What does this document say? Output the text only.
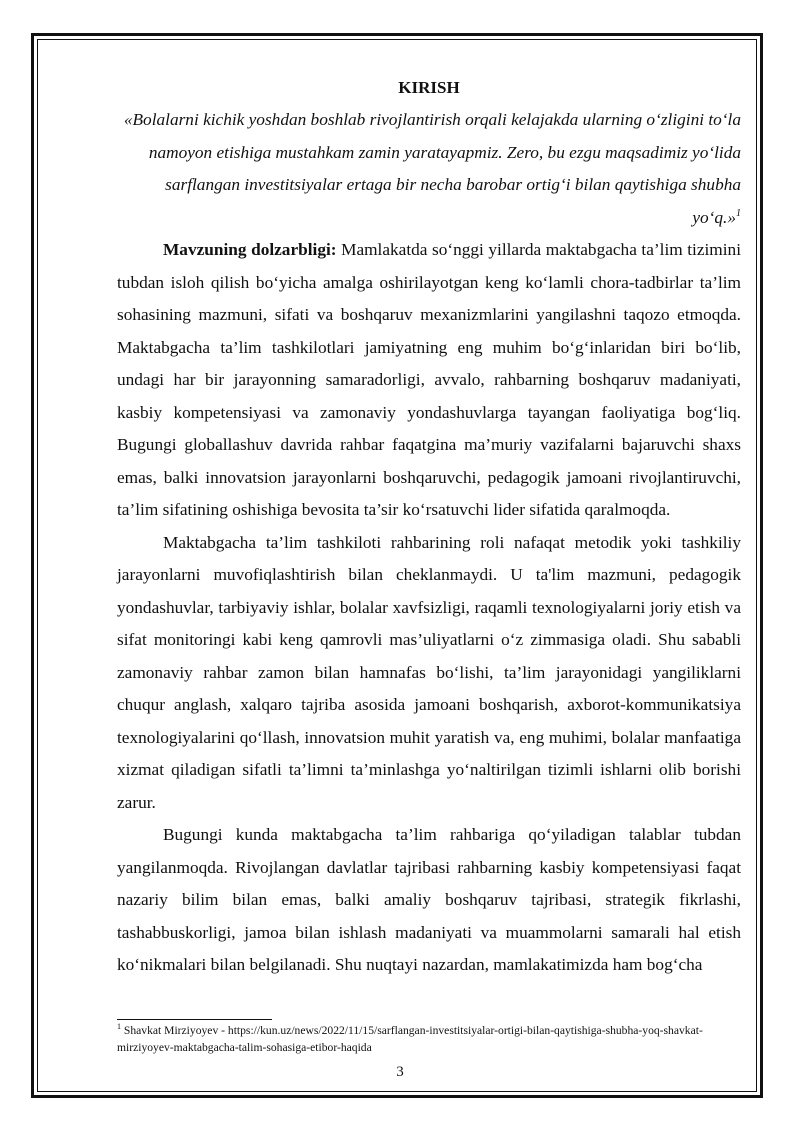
KIRISH

«Bolalarni kichik yoshdan boshlab rivojlantirish orqali kelajakda ularning o‘zligini to‘la namoyon etishiga mustahkam zamin yaratayapmiz. Zero, bu ezgu maqsadimiz yo‘lida sarflangan investitsiyalar ertaga bir necha barobar ortig‘i bilan qaytishiga shubha yo‘q.»$^1$

Mavzuning dolzarbligi: Mamlakatda so‘nggi yillarda maktabgacha ta’lim tizimini tubdan isloh qilish bo‘yicha amalga oshirilayotgan keng ko‘lamli chora-tadbirlar ta’lim sohasining mazmuni, sifati va boshqaruv mexanizmlarini yangilashni taqozo etmoqda. Maktabgacha ta’lim tashkilotlari jamiyatning eng muhim bo‘g‘inlaridan biri bo‘lib, undagi har bir jarayonning samaradorligi, avvalo, rahbarning boshqaruv madaniyati, kasbiy kompetensiyasi va zamonaviy yondashuvlarga tayangan faoliyatiga bog‘liq. Bugungi globallashuv davrida rahbar faqatgina ma’muriy vazifalarni bajaruvchi shaxs emas, balki innovatsion jarayonlarni boshqaruvchi, pedagogik jamoani rivojlantiruvchi, ta’lim sifatining oshishiga bevosita ta’sir ko‘rsatuvchi lider sifatida qaralmoqda.

Maktabgacha ta’lim tashkiloti rahbarining roli nafaqat metodik yoki tashkiliy jarayonlarni muvofiqlashtirish bilan cheklanmaydi. U ta'lim mazmuni, pedagogik yondashuvlar, tarbiyaviy ishlar, bolalar xavfsizligi, raqamli texnologiyalarni joriy etish va sifat monitoringi kabi keng qamrovli mas’uliyatlarni o‘z zimmasiga oladi. Shu sababli zamonaviy rahbar zamon bilan hamnafas bo‘lishi, ta’lim jarayonidagi yangiliklarni chuqur anglash, xalqaro tajriba asosida jamoani boshqarish, axborot-kommunikatsiya texnologiyalarini qo‘llash, innovatsion muhit yaratish va, eng muhimi, bolalar manfaatiga xizmat qiladigan sifatli ta’limni ta’minlashga yo‘naltirilgan tizimli ishlarni olib borishi zarur.

Bugungi kunda maktabgacha ta’lim rahbariga qo‘yiladigan talablar tubdan yangilanmoqda. Rivojlangan davlatlar tajribasi rahbarning kasbiy kompetensiyasi faqat nazariy bilim bilan emas, balki amaliy boshqaruv tajribasi, strategik fikrlashi, tashabbuskorligi, jamoa bilan ishlash madaniyati va muammolarni samarali hal etish ko‘nikmalari bilan belgilanadi. Shu nuqtayi nazardan, mamlakatimizda ham bog‘cha

$^1$ Shavkat Mirziyoyev - https://kun.uz/news/2022/11/15/sarflangan-investitsiyalar-ortigi-bilan-qaytishiga-shubha-yoq-shavkat-mirziyoyev-maktabgacha-talim-sohasiga-etibor-haqida
3
